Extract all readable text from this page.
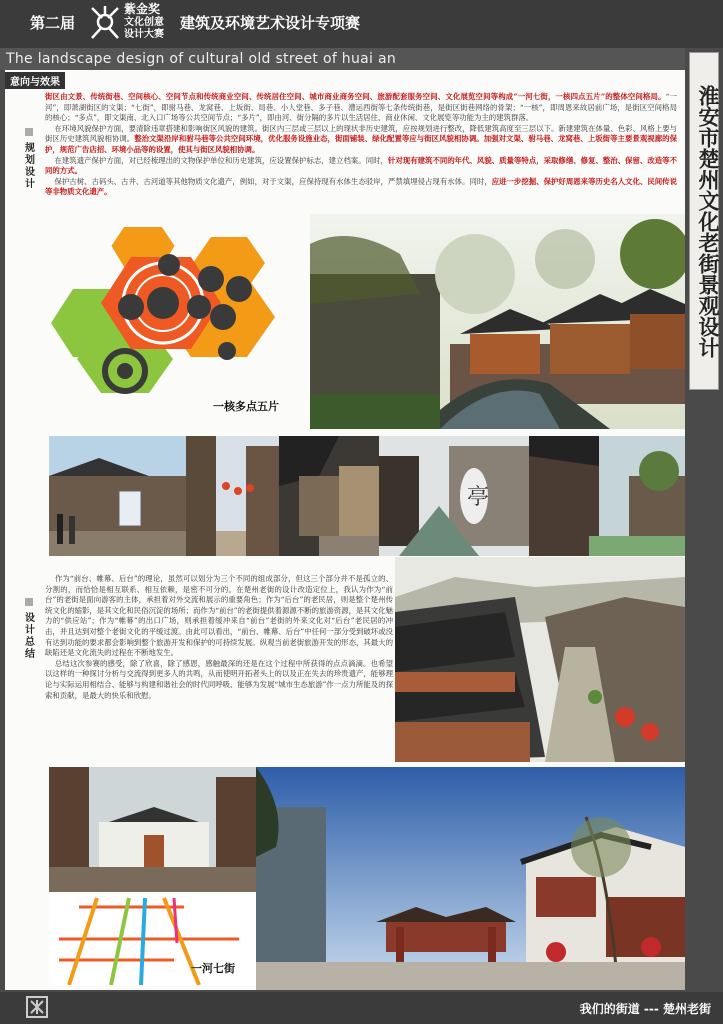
第二届
紫金奖
文化创意
设计大赛
建筑及环境艺术设计专项赛
The landscape design of cultural old street of huai an
意向与效果

规划设计
街区由文景、传统街巷、空间核心、空间节点和传统商业空间、传统居住空间、城市商业商务空间、旅游配套服务空间、文化展览空间等构成“一河七街，一核四点五片”的整体空间格局。“一河”，即萧湖街区的文渠；“七街”，即驸马巷、龙窝巷、上坂街、局巷、小人堂巷、多子巷、漕运西街等七条传统街巷，是街区街巷网络的骨架；“一核”，即周恩来故居前广场，是街区空间格局的核心；“多点”，即文渠南、北入口广场等公共空间节点；“多片”，即由河、街分隔的多片以生活居住、商业休闲、文化展览等功能为主的建筑群落。
在环境风貌保护方面，要清除违章搭建和影响街区风貌的建筑。街区内三层或三层以上的现状非历史建筑，应按规划进行整改，降低建筑高度至三层以下。新建建筑在体量、色彩、风格上要与街区历史建筑风貌相协调。整治文渠沿岸和驸马巷等公共空间环境，优化服务设施业态，街面铺装、绿化配置等应与街区风貌相协调。加强对文渠、驸马巷、龙窝巷、上坂街等主要景观视廊的保护，规范广告店招、环境小品等的设置，使其与街区风貌相协调。
在建筑遗产保护方面，对已经梳理出的文物保护单位和历史建筑，应设置保护标志，建立档案。同时，针对现有建筑不同的年代、风貌、质量等特点，采取修缮、修复、整治、保留、改造等不同的方式。
保护古树、古码头、古井、古河道等其他物质文化遗产，例如，对于文渠，应保持现有水体生态驳岸，严禁填埋侵占现有水体。同时，应进一步挖掘、保护好周恩来等历史名人文化、民间传说等非物质文化遗产。
一核多点五片
亭

设计总结
作为“前台、帷幕、后台”的理论，虽然可以划分为三个不同的组成部分，但这三个部分并不是孤立的、分割的，而恰恰是相互联系、相互依赖，是密不可分的。在楚州老街的设计改造定位上，我认为作为“前台”的老街是面向游客的主体，承担着对外交流和展示的重要角色；作为“后台”的老民居，则是整个楚州传统文化的缩影，是其文化和民俗沉淀的场所；而作为“前台”的老街提供着源源不断的旅游资源，是其文化魅力的“供应站”；作为“帷幕”的出口广场，则承担着缓冲来自“前台”老街的外来文化对“后台”老民居的冲击，并且达到对整个老街文化的平缓过渡。由此可以看出，“前台、帷幕、后台”中任何一部分受到破坏或没有达到功能的要求都会影响到整个旅游开发和保护的可持续发展。纵观当前老街旅游开发的形态，其最大的缺陷还是文化流失的过程在不断地发生。
总结这次参赛的感受，除了欣喜，除了感恩，感触最深的还是在这个过程中所获得的点点滴滴。也希望以这样的一种探讨分析与交流得到更多人的共鸣，从而使明开拓者头上的以及正在失去的珍贵遗产，能够理论与实际运用相结合、能够与构建和谐社会的时代同呼吸、能够为发展“城市生态旅游”作一点力所能及的探索和贡献，是最大的快乐和欣慰。
一河七街
淮安市楚州文化老街景观设计
我们的街道 --- 楚州老街
